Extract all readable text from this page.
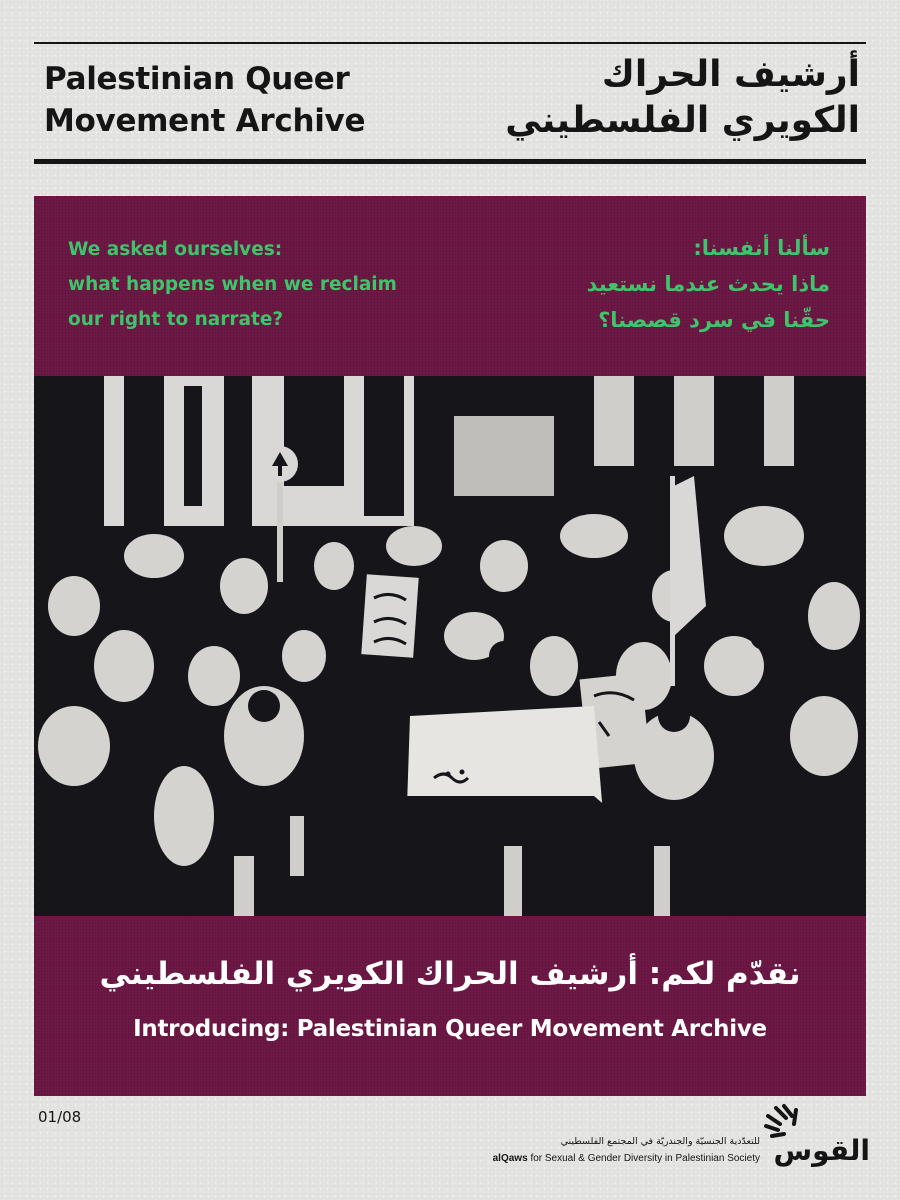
Palestinian Queer Movement Archive
أرشيف الحراك الكويري الفلسطيني
We asked ourselves:
what happens when we reclaim
our right to narrate?
سألنا أنفسنا:
ماذا يحدث عندما نستعيد
حقّنا في سرد قصصنا؟
نقدّم لكم: أرشيف الحراك الكويري الفلسطيني
Introducing: Palestinian Queer Movement Archive
01/08
للتعدّدية الجنسيّة والجندريّة في المجتمع الفلسطيني
alQaws for Sexual & Gender Diversity in Palestinian Society القوس
